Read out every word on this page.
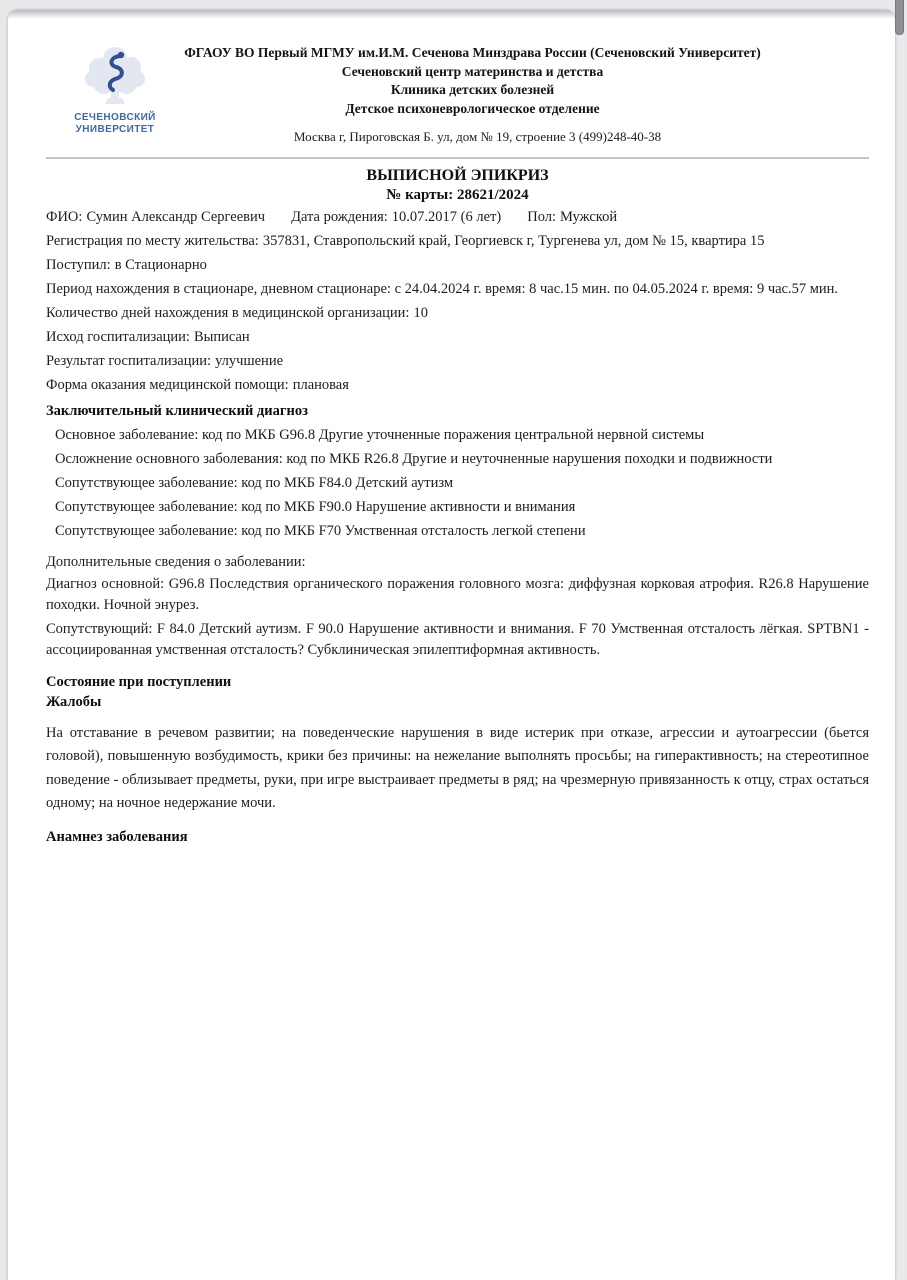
СЕЧЕНОВСКИЙ
УНИВЕРСИТЕТ
ФГАОУ ВО Первый МГМУ им.И.М. Сеченова Минздрава России (Сеченовский Университет)
Сеченовский центр материнства и детства
Клиника детских болезней
Детское психоневрологическое отделение
Москва г, Пироговская Б. ул, дом № 19, строение 3 (499)248-40-38
ВЫПИСНОЙ ЭПИКРИЗ
№ карты: 28621/2024
ФИО: Сумин Александр Сергеевич Дата рождения: 10.07.2017 (6 лет) Пол: Мужской
Регистрация по месту жительства: 357831, Ставропольский край, Георгиевск г, Тургенева ул, дом № 15, квартира 15
Поступил: в Стационарно
Период нахождения в стационаре, дневном стационаре: с 24.04.2024 г. время: 8 час.15 мин. по 04.05.2024 г. время: 9 час.57 мин.
Количество дней нахождения в медицинской организации: 10
Исход госпитализации: Выписан
Результат госпитализации: улучшение
Форма оказания медицинской помощи: плановая
Заключительный клинический диагноз
Основное заболевание: код по МКБ G96.8 Другие уточненные поражения центральной нервной системы
Осложнение основного заболевания: код по МКБ R26.8 Другие и неуточненные нарушения походки и подвижности
Сопутствующее заболевание: код по МКБ F84.0 Детский аутизм
Сопутствующее заболевание: код по МКБ F90.0 Нарушение активности и внимания
Сопутствующее заболевание: код по МКБ F70 Умственная отсталость легкой степени
Дополнительные сведения о заболевании:
Диагноз основной: G96.8 Последствия органического поражения головного мозга: диффузная корковая атрофия. R26.8 Нарушение походки. Ночной энурез.
Сопутствующий: F 84.0 Детский аутизм. F 90.0 Нарушение активности и внимания. F 70 Умственная отсталость лёгкая. SPTBN1 - ассоциированная умственная отсталость? Субклиническая эпилептиформная активность.
Состояние при поступлении
Жалобы
На отставание в речевом развитии; на поведенческие нарушения в виде истерик при отказе, агрессии и аутоагрессии (бьется головой), повышенную возбудимость, крики без причины: на нежелание выполнять просьбы; на гиперактивность; на стереотипное поведение - облизывает предметы, руки, при игре выстраивает предметы в ряд; на чрезмерную привязанность к отцу, страх остаться одному; на ночное недержание мочи.
Анамнез заболевания
